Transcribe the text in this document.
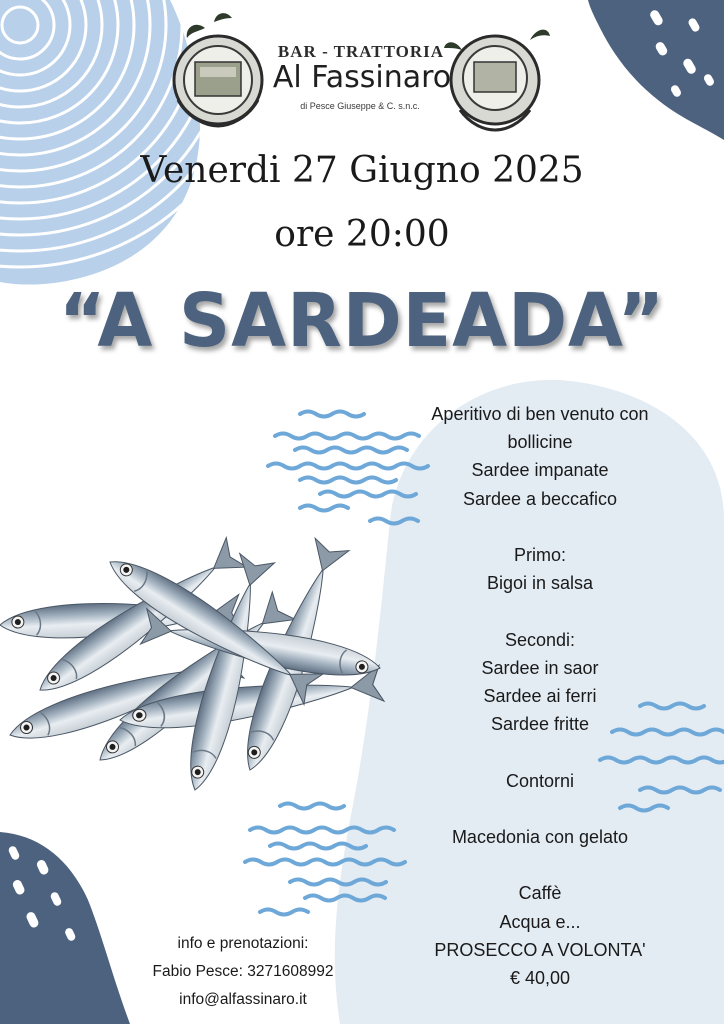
BAR - TRATTORIA
Al Fassinaro
di Pesce Giuseppe & C. s.n.c.
Venerdi 27 Giugno 2025
ore 20:00
“A SARDEADA”
Aperitivo di ben venuto con
bollicine
Sardee impanate
Sardee a beccafico
Primo:
Bigoi in salsa
Secondi:
Sardee in saor
Sardee ai ferri
Sardee fritte
Contorni
Macedonia con gelato
Caffè
Acqua e...
PROSECCO A VOLONTA'
€ 40,00
info e prenotazioni:
Fabio Pesce: 3271608992
info@alfassinaro.it
